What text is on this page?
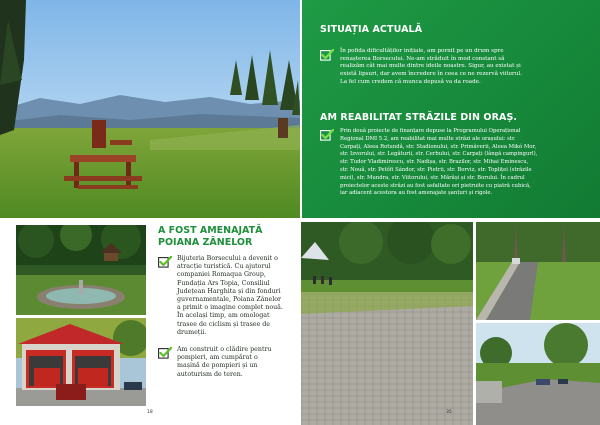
SITUAȚIA ACTUALĂ
În pofida dificultăților inițiale, am pornit pe un drum spre
renașterea Borsecului. Ne-am străduit în mod constant să
realizăm cât mai multe dintre ideile noastre. Sigur, au existat și
există lipsuri, dar avem încredere în ceea ce ne rezervă viitorul.
La fel cum credem că munca depusă va da roade.
AM REABILITAT STRĂZILE DIN ORAȘ.
Prin două proiecte de finanțare depuse la Programului Operațional
Regional DMI 5.2, am reabilitat mai multe străzi ale orașului: str.
Carpați, Aleea Rotundă, str. Stadionului, str. Primăverii, Aleea Mikó Mor,
str. Izvorului, str. Legăturii, str. Cerbului, str. Carpați (lângă campingurl),
str. Tudor Vladimirescu, str. Nadișa, str. Brazilor, str. Mihai Eminescu,
str. Nouă, str. Petőfi Sándor, str. Pietrii, str. Borviz, str. Topliței (străzile
mici), str. Mundra, str. Viitorului, str. Mărăși și str. Borului. În cadrul
proiectelor aceste străzi au fost asfaltate ori pietruite cu piatră cubică,
iar adiacent acestora au fost amenajate șanțuri și rigole.
A FOST AMENAJATĂ
POIANA ZÂNELOR
Bijuteria Borsecului a devenit o
atracție turistică. Cu ajutorul
companiei Romaqua Group,
Fundația Ars Topia, Consiliul
Județean Harghita și din fonduri
guvernamentale, Poiana Zânelor
a primit o imagine complet nouă.
În același timp, am omologat
trasee de ciclism și trasee de
drumeții.
Am construit o clădire pentru
pompieri, am cumpărat o
mașină de pompieri și un
autoturism de teren.
18	35
